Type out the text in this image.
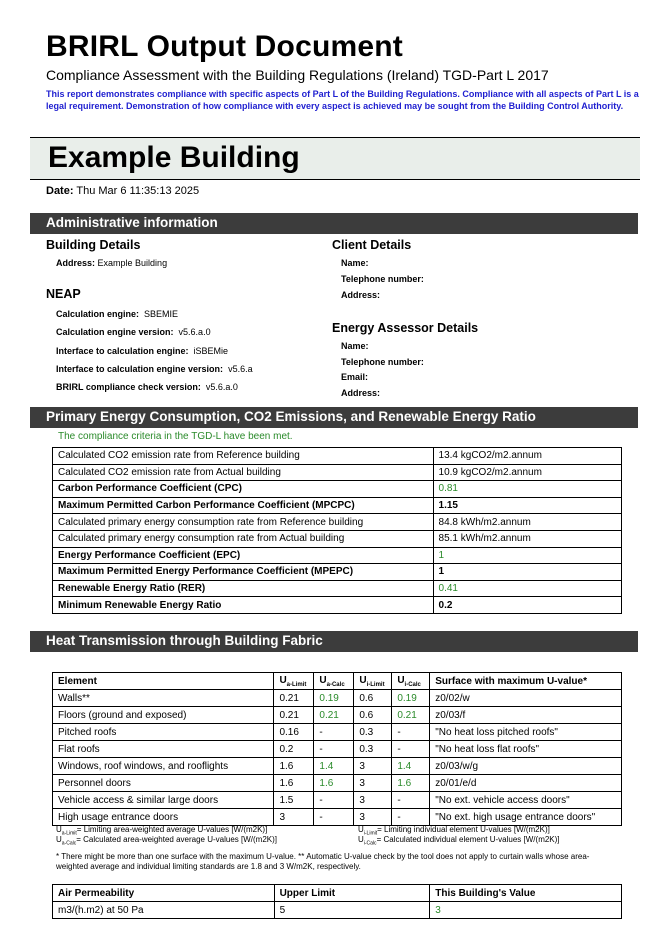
BRIRL Output Document
Compliance Assessment with the Building Regulations (Ireland) TGD-Part L 2017
This report demonstrates compliance with specific aspects of Part L of the Building Regulations. Compliance with all aspects of Part L is a legal requirement. Demonstration of how compliance with every aspect is achieved may be sought from the Building Control Authority.
Example Building
Date: Thu Mar 6 11:35:13 2025
Administrative information
Building Details
Address: Example Building
NEAP
Calculation engine: SBEMIE
Calculation engine version: v5.6.a.0
Interface to calculation engine: iSBEMie
Interface to calculation engine version: v5.6.a
BRIRL compliance check version: v5.6.a.0
Client Details
Name:
Telephone number:
Address:
Energy Assessor Details
Name:
Telephone number:
Email:
Address:
Primary Energy Consumption, CO2 Emissions, and Renewable Energy Ratio
The compliance criteria in the TGD-L have been met.
Calculated CO2 emission rate from Reference building	13.4 kgCO2/m2.annum
Calculated CO2 emission rate from Actual building	10.9 kgCO2/m2.annum
Carbon Performance Coefficient (CPC)	0.81
Maximum Permitted Carbon Performance Coefficient (MPCPC)	1.15
Calculated primary energy consumption rate from Reference building	84.8 kWh/m2.annum
Calculated primary energy consumption rate from Actual building	85.1 kWh/m2.annum
Energy Performance Coefficient (EPC)	1
Maximum Permitted Energy Performance Coefficient (MPEPC)	1
Renewable Energy Ratio (RER)	0.41
Minimum Renewable Energy Ratio	0.2
Heat Transmission through Building Fabric
Element	$U_{a-Limit}$	$U_{a-Calc}$	$U_{i-Limit}$	$U_{i-Calc}$	Surface with maximum U-value*
Walls**	0.21	0.19	0.6	0.19	z0/02/w
Floors (ground and exposed)	0.21	0.21	0.6	0.21	z0/03/f
Pitched roofs	0.16	-	0.3	-	"No heat loss pitched roofs"
Flat roofs	0.2	-	0.3	-	"No heat loss flat roofs"
Windows, roof windows, and rooflights	1.6	1.4	3	1.4	z0/03/w/g
Personnel doors	1.6	1.6	3	1.6	z0/01/e/d
Vehicle access & similar large doors	1.5	-	3	-	"No ext. vehicle access doors"
High usage entrance doors	3	-	3	-	"No ext. high usage entrance doors"
$U_{a-Limit}=$ Limiting area-weighted average U-values [W/(m2K)]
$U_{a-Calc}=$ Calculated area-weighted average U-values [W/(m2K)]
$U_{i-Limit}=$ Limiting individual element U-values [W/(m2K)]
$U_{i-Calc}=$ Calculated individual element U-values [W/(m2K)]
* There might be more than one surface with the maximum U-value. ** Automatic U-value check by the tool does not apply to curtain walls whose area-weighted average and individual limiting standards are 1.8 and 3 W/m2K, respectively.
Air Permeability	Upper Limit	This Building's Value
m3/(h.m2) at 50 Pa	5	3
